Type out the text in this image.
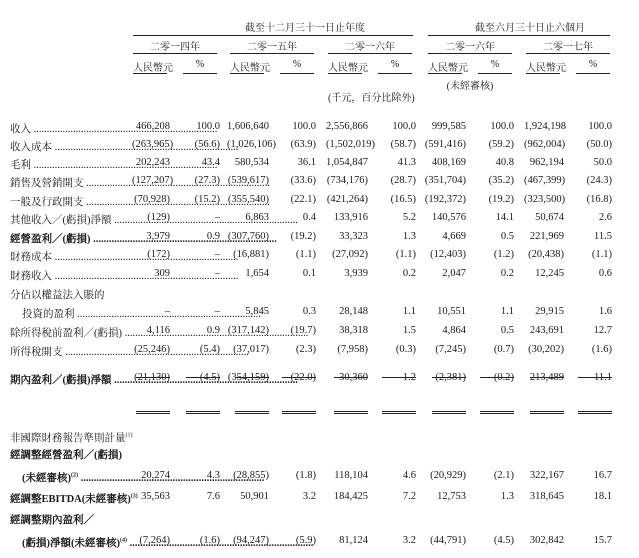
截至十二月三十一日止年度	截至六月三十日止六個月
二零一四年	二零一五年	二零一六年	二零一六年	二零一七年
人民幣元	%	人民幣元	%	人民幣元	%	人民幣元	%	人民幣元	%
(未經審核)
(千元，百分比除外)
收入 .....	466,208	100.0 1,606,640	100.0 2,556,866	100.0	999,585	100.0 1,924,198	100.0
收入成本 .....	(263,965)	(56.6) (1,026,106)	(63.9) (1,502,019)	(58.7) (591,416)	(59.2) (962,004)	(50.0)
毛利 .....	202,243	43.4	580,534	36.1 1,054,847	41.3	408,169	40.8	962,194	50.0
銷售及營銷開支 .....	(127,207)	(27.3) (539,617)	(33.6) (734,176)	(28.7) (351,704)	(35.2) (467,399)	(24.3)
一般及行政開支 .....	(70,928)	(15.2) (355,540)	(22.1) (421,264)	(16.5) (192,372)	(19.2) (323,500)	(16.8)
其他收入／(虧損)淨額 .....	(129)	–	6,863	0.4	133,916	5.2	140,576	14.1	50,674	2.6
經營盈利／(虧損) .....	3,979	0.9 (307,760)	(19.2)	33,323	1.3	4,669	0.5	221,969	11.5
財務成本 .....	(172)	–	(16,881)	(1.1)	(27,092)	(1.1)	(12,403)	(1.2)	(20,438)	(1.1)
財務收入 .....	309	–	1,654	0.1	3,939	0.2	2,047	0.2	12,245	0.6
分佔以權益法入賬的
投資的盈利 .....	–	–	5,845	0.3	28,148	1.1	10,551	1.1	29,915	1.6
除所得稅前盈利／(虧損) .....	4,116	0.9 (317,142)	(19.7)	38,318	1.5	4,864	0.5	243,691	12.7
所得稅開支 .....	(25,246)	(5.4)	(37,017)	(2.3)	(7,958)	(0.3)	(7,245)	(0.7)	(30,202)	(1.6)
期內盈利／(虧損)淨額 .....	(21,130)	(4.5) (354,159)	(22.0)	30,360	1.2	(2,381)	(0.2)	213,489	11.1
非國際財務報告準則計量$^{(1)}$
經調整經營盈利／(虧損)
(未經審核)$^{(2)}$ .....	20,274	4.3	(28,855)	(1.8)	118,104	4.6	(20,929)	(2.1)	322,167	16.7
經調整EBITDA(未經審核)$^{(3)}$ 35,563	7.6	50,901	3.2	184,425	7.2	12,753	1.3	318,645	18.1
經調整期內盈利／
(虧損)淨額(未經審核)$^{(4)}$ .....	(7,264)	(1.6)	(94,247)	(5.9)	81,124	3.2	(44,791)	(4.5)	302,842	15.7
